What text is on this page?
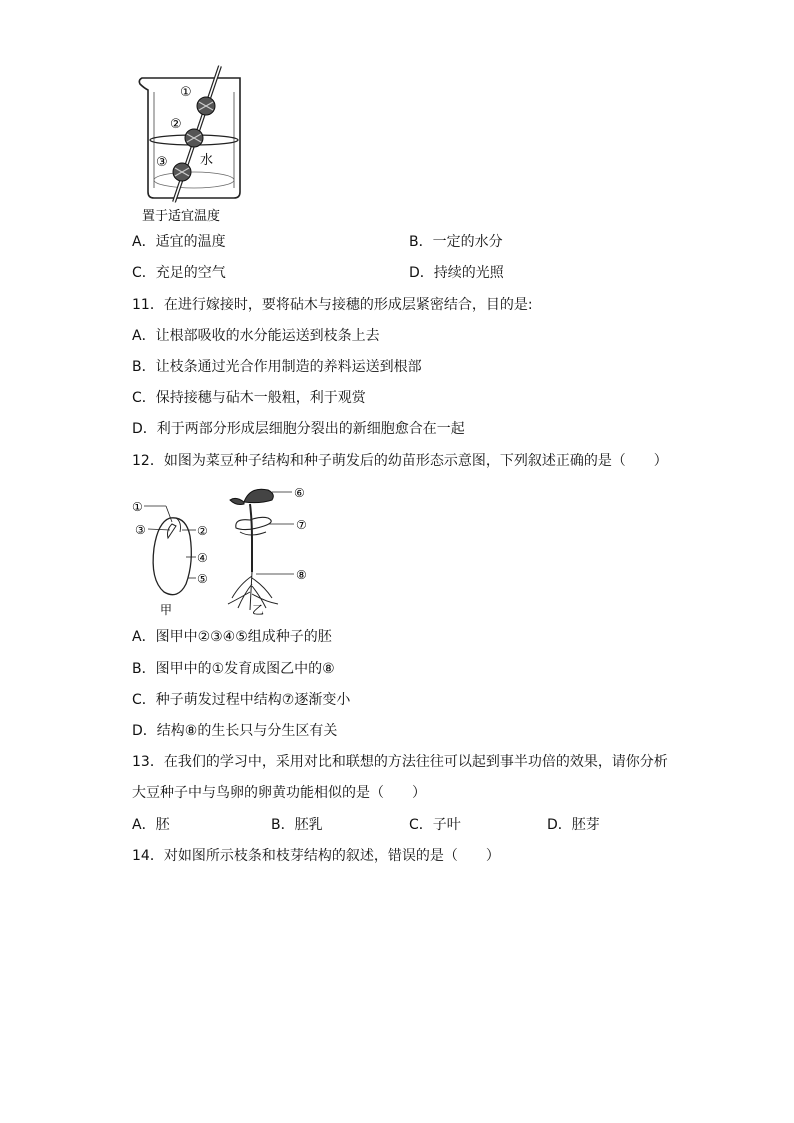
①
②
③ 水
置于适宜温度
A．适宜的温度	B．一定的水分
C．充足的空气	D．持续的光照
11．在进行嫁接时，要将砧木与接穗的形成层紧密结合，目的是:
A．让根部吸收的水分能运送到枝条上去
B．让枝条通过光合作用制造的养料运送到根部
C．保持接穗与砧木一般粗，利于观赏
D．利于两部分形成层细胞分裂出的新细胞愈合在一起
12．如图为菜豆种子结构和种子萌发后的幼苗形态示意图，下列叙述正确的是（　　）
①
③	②
④
⑤
甲
⑥
⑦
⑧
乙
A．图甲中②③④⑤组成种子的胚
B．图甲中的①发育成图乙中的⑧
C．种子萌发过程中结构⑦逐渐变小
D．结构⑧的生长只与分生区有关
13．在我们的学习中，采用对比和联想的方法往往可以起到事半功倍的效果，请你分析
大豆种子中与鸟卵的卵黄功能相似的是（　　）
A．胚	B．胚乳	C．子叶	D．胚芽
14．对如图所示枝条和枝芽结构的叙述，错误的是（　　）
